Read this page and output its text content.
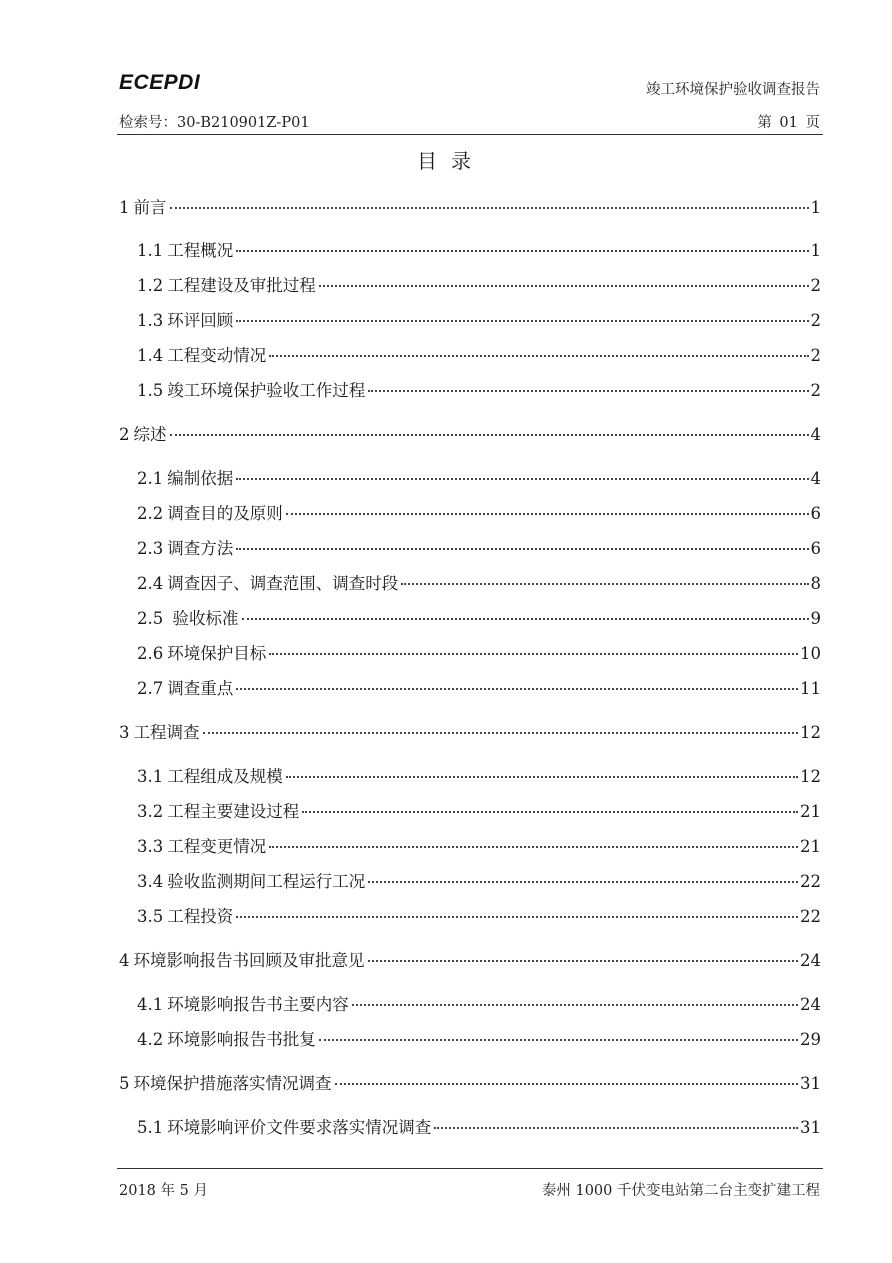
ECEPDI	竣工环境保护验收调查报告
检索号：30-B210901Z-P01	第 01 页
目录
1 前言	1
1.1 工程概况	1
1.2 工程建设及审批过程	2
1.3 环评回顾	2
1.4 工程变动情况	2
1.5 竣工环境保护验收工作过程	2
2 综述	4
2.1 编制依据	4
2.2 调查目的及原则	6
2.3 调查方法	6
2.4 调查因子、调查范围、调查时段	8
2.5 验收标准	9
2.6 环境保护目标	10
2.7 调查重点	11
3 工程调查	12
3.1 工程组成及规模	12
3.2 工程主要建设过程	21
3.3 工程变更情况	21
3.4 验收监测期间工程运行工况	22
3.5 工程投资	22
4 环境影响报告书回顾及审批意见	24
4.1 环境影响报告书主要内容	24
4.2 环境影响报告书批复	29
5 环境保护措施落实情况调查	31
5.1 环境影响评价文件要求落实情况调查	31
2018 年 5 月	泰州 1000 千伏变电站第二台主变扩建工程
